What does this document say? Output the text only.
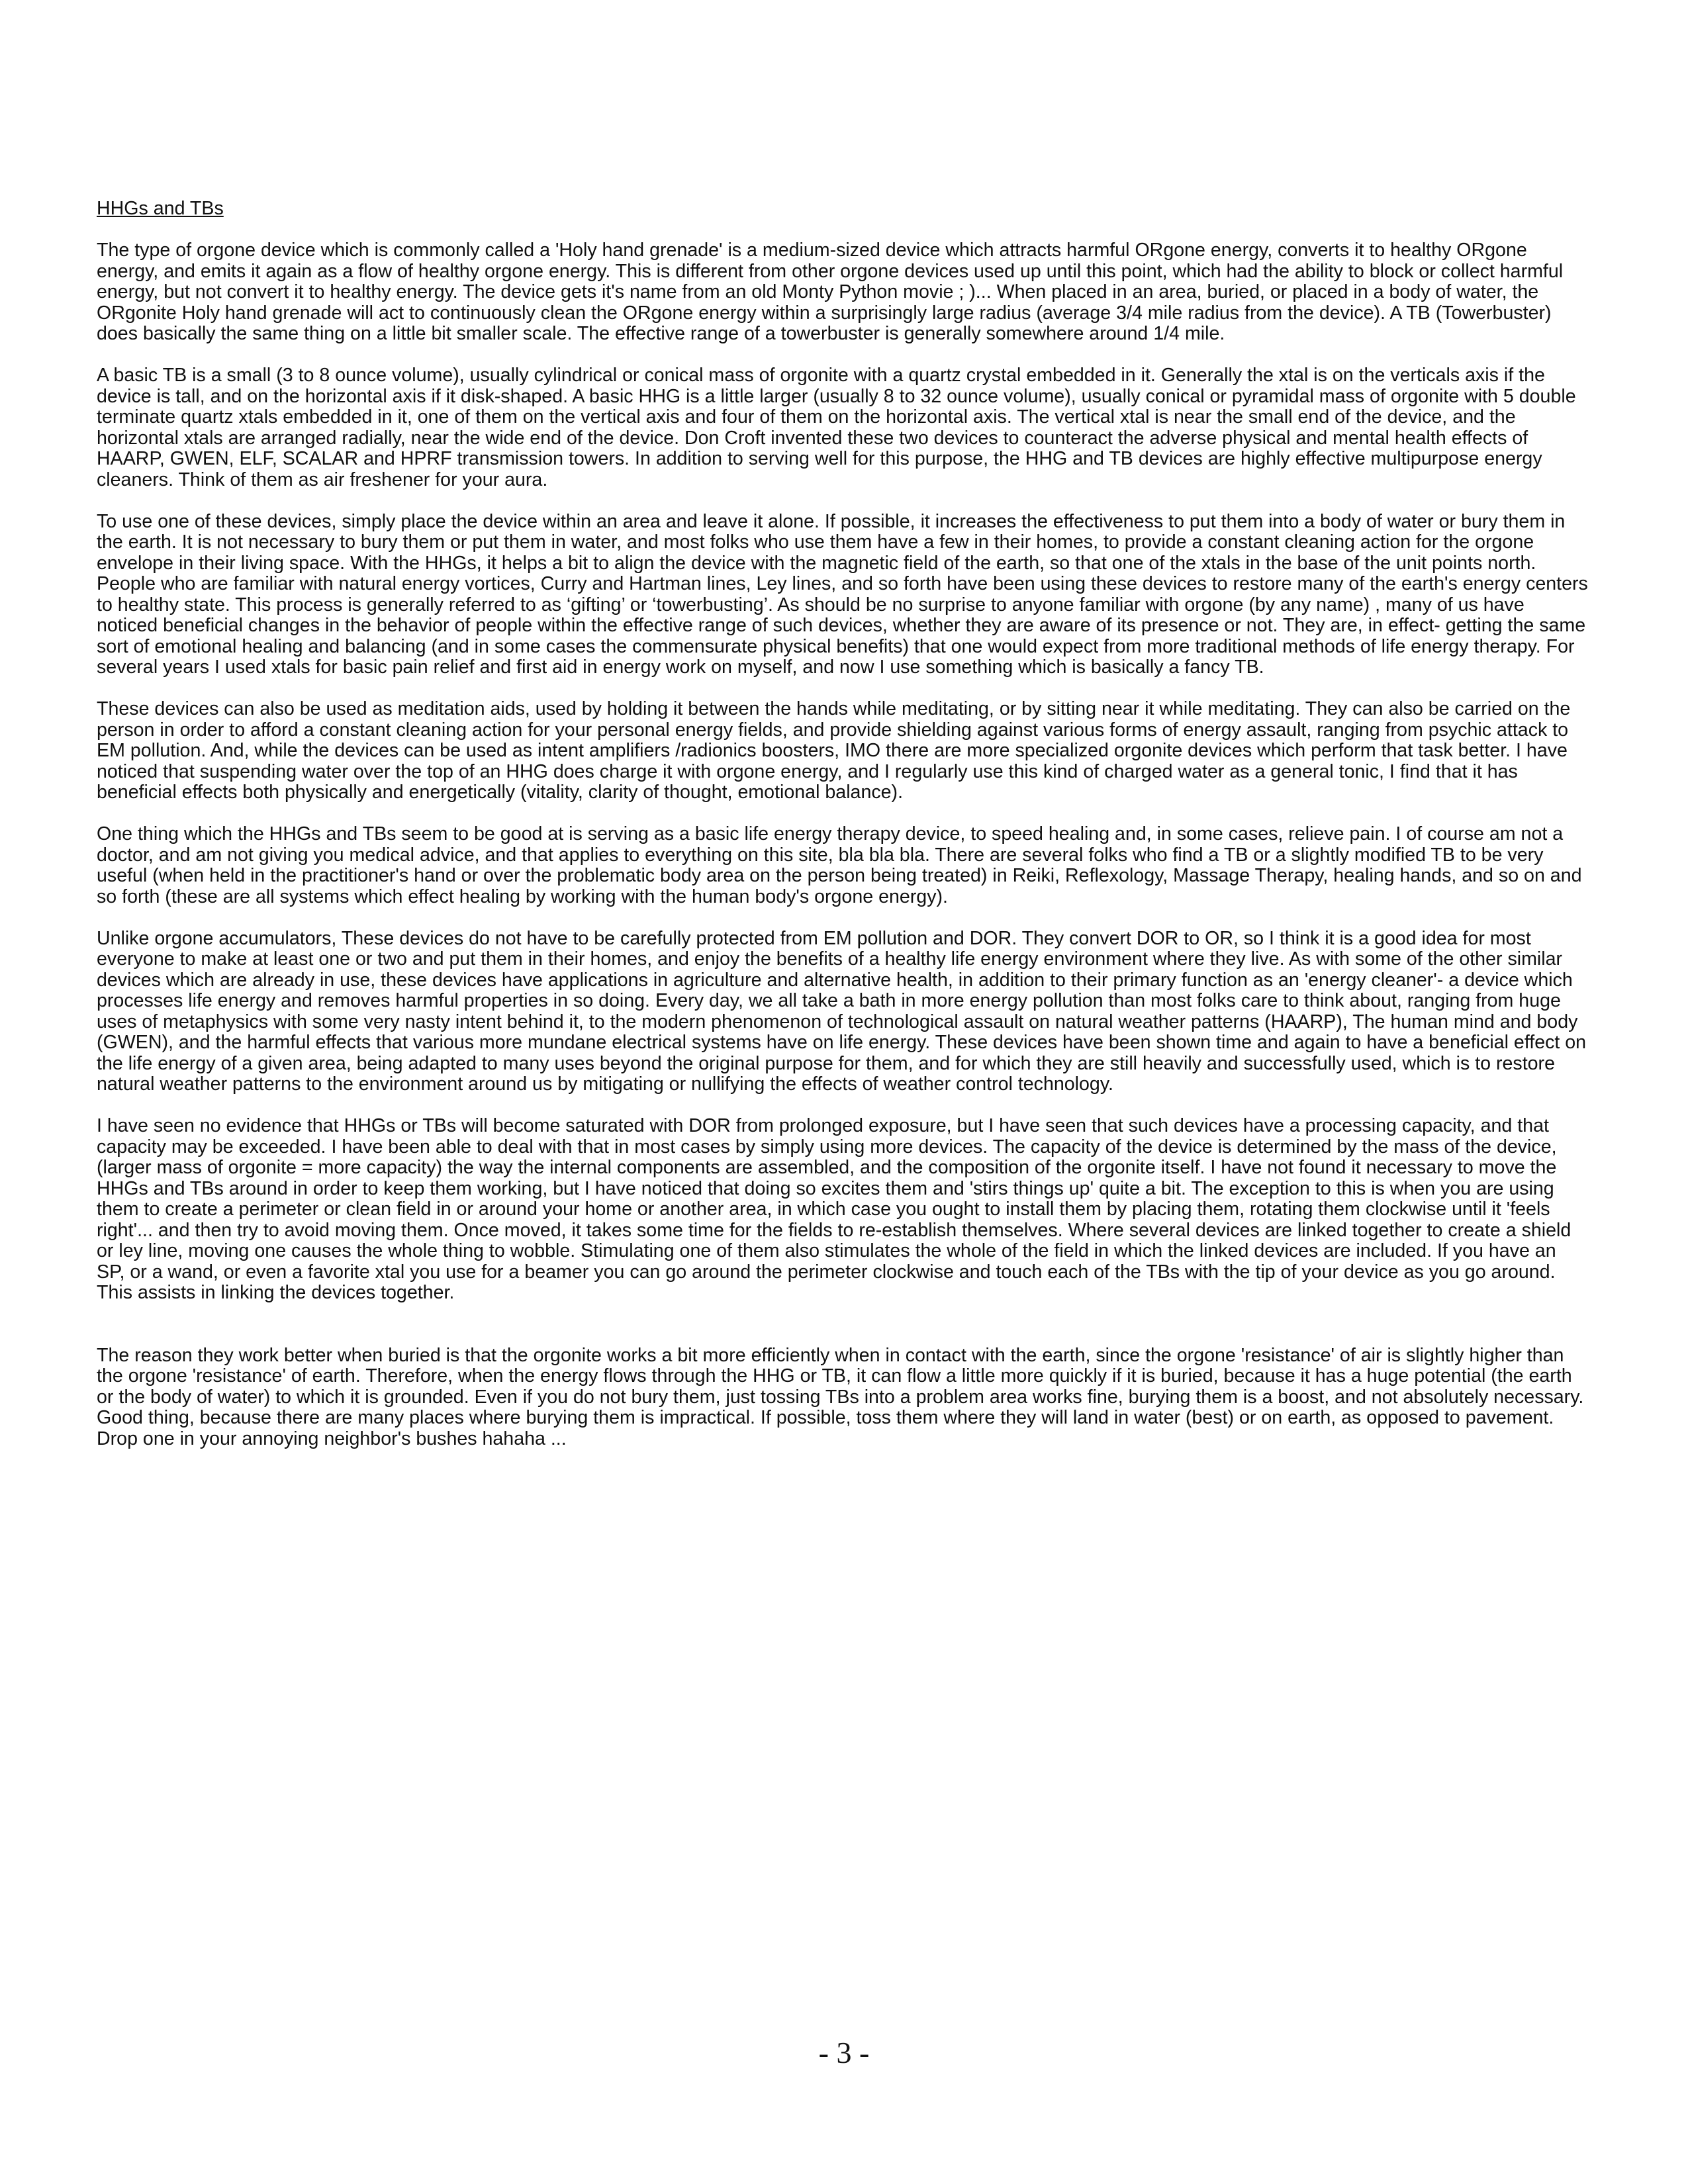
HHGs and TBs

The type of orgone device which is commonly called a 'Holy hand grenade' is a medium-sized device which attracts harmful ORgone energy, converts it to healthy ORgone energy, and emits it again as a flow of healthy orgone energy. This is different from other orgone devices used up until this point, which had the ability to block or collect harmful energy, but not convert it to healthy energy. The device gets it's name from an old Monty Python movie ; )... When placed in an area, buried, or placed in a body of water, the ORgonite Holy hand grenade will act to continuously clean the ORgone energy within a surprisingly large radius (average 3/4 mile radius from the device). A TB (Towerbuster) does basically the same thing on a little bit smaller scale. The effective range of a towerbuster is generally somewhere around 1/4 mile.

A basic TB is a small (3 to 8 ounce volume), usually cylindrical or conical mass of orgonite with a quartz crystal embedded in it. Generally the xtal is on the verticals axis if the device is tall, and on the horizontal axis if it disk-shaped. A basic HHG is a little larger (usually 8 to 32 ounce volume), usually conical or pyramidal mass of orgonite with 5 double terminate quartz xtals embedded in it, one of them on the vertical axis and four of them on the horizontal axis. The vertical xtal is near the small end of the device, and the horizontal xtals are arranged radially, near the wide end of the device. Don Croft invented these two devices to counteract the adverse physical and mental health effects of HAARP, GWEN, ELF, SCALAR and HPRF transmission towers. In addition to serving well for this purpose, the HHG and TB devices are highly effective multipurpose energy cleaners. Think of them as air freshener for your aura.

To use one of these devices, simply place the device within an area and leave it alone. If possible, it increases the effectiveness to put them into a body of water or bury them in the earth. It is not necessary to bury them or put them in water, and most folks who use them have a few in their homes, to provide a constant cleaning action for the orgone envelope in their living space. With the HHGs, it helps a bit to align the device with the magnetic field of the earth, so that one of the xtals in the base of the unit points north. People who are familiar with natural energy vortices, Curry and Hartman lines, Ley lines, and so forth have been using these devices to restore many of the earth's energy centers to healthy state. This process is generally referred to as ‘gifting’ or ‘towerbusting’. As should be no surprise to anyone familiar with orgone (by any name) , many of us have noticed beneficial changes in the behavior of people within the effective range of such devices, whether they are aware of its presence or not. They are, in effect- getting the same sort of emotional healing and balancing (and in some cases the commensurate physical benefits) that one would expect from more traditional methods of life energy therapy. For several years I used xtals for basic pain relief and first aid in energy work on myself, and now I use something which is basically a fancy TB.

These devices can also be used as meditation aids, used by holding it between the hands while meditating, or by sitting near it while meditating. They can also be carried on the person in order to afford a constant cleaning action for your personal energy fields, and provide shielding against various forms of energy assault, ranging from psychic attack to EM pollution. And, while the devices can be used as intent amplifiers /radionics boosters, IMO there are more specialized orgonite devices which perform that task better. I have noticed that suspending water over the top of an HHG does charge it with orgone energy, and I regularly use this kind of charged water as a general tonic, I find that it has beneficial effects both physically and energetically (vitality, clarity of thought, emotional balance).

One thing which the HHGs and TBs seem to be good at is serving as a basic life energy therapy device, to speed healing and, in some cases, relieve pain. I of course am not a doctor, and am not giving you medical advice, and that applies to everything on this site, bla bla bla. There are several folks who find a TB or a slightly modified TB to be very useful (when held in the practitioner's hand or over the problematic body area on the person being treated) in Reiki, Reflexology, Massage Therapy, healing hands, and so on and so forth (these are all systems which effect healing by working with the human body's orgone energy).

Unlike orgone accumulators, These devices do not have to be carefully protected from EM pollution and DOR. They convert DOR to OR, so I think it is a good idea for most everyone to make at least one or two and put them in their homes, and enjoy the benefits of a healthy life energy environment where they live. As with some of the other similar devices which are already in use, these devices have applications in agriculture and alternative health, in addition to their primary function as an 'energy cleaner'- a device which processes life energy and removes harmful properties in so doing. Every day, we all take a bath in more energy pollution than most folks care to think about, ranging from huge uses of metaphysics with some very nasty intent behind it, to the modern phenomenon of technological assault on natural weather patterns (HAARP), The human mind and body (GWEN), and the harmful effects that various more mundane electrical systems have on life energy. These devices have been shown time and again to have a beneficial effect on the life energy of a given area, being adapted to many uses beyond the original purpose for them, and for which they are still heavily and successfully used, which is to restore natural weather patterns to the environment around us by mitigating or nullifying the effects of weather control technology.

I have seen no evidence that HHGs or TBs will become saturated with DOR from prolonged exposure, but I have seen that such devices have a processing capacity, and that capacity may be exceeded. I have been able to deal with that in most cases by simply using more devices. The capacity of the device is determined by the mass of the device, (larger mass of orgonite = more capacity) the way the internal components are assembled, and the composition of the orgonite itself. I have not found it necessary to move the HHGs and TBs around in order to keep them working, but I have noticed that doing so excites them and 'stirs things up' quite a bit. The exception to this is when you are using them to create a perimeter or clean field in or around your home or another area, in which case you ought to install them by placing them, rotating them clockwise until it 'feels right'... and then try to avoid moving them. Once moved, it takes some time for the fields to re-establish themselves. Where several devices are linked together to create a shield or ley line, moving one causes the whole thing to wobble. Stimulating one of them also stimulates the whole of the field in which the linked devices are included. If you have an SP, or a wand, or even a favorite xtal you use for a beamer you can go around the perimeter clockwise and touch each of the TBs with the tip of your device as you go around. This assists in linking the devices together.

The reason they work better when buried is that the orgonite works a bit more efficiently when in contact with the earth, since the orgone 'resistance' of air is slightly higher than the orgone 'resistance' of earth. Therefore, when the energy flows through the HHG or TB, it can flow a little more quickly if it is buried, because it has a huge potential (the earth or the body of water) to which it is grounded. Even if you do not bury them, just tossing TBs into a problem area works fine, burying them is a boost, and not absolutely necessary. Good thing, because there are many places where burying them is impractical. If possible, toss them where they will land in water (best) or on earth, as opposed to pavement. Drop one in your annoying neighbor's bushes hahaha ...

- 3 -
